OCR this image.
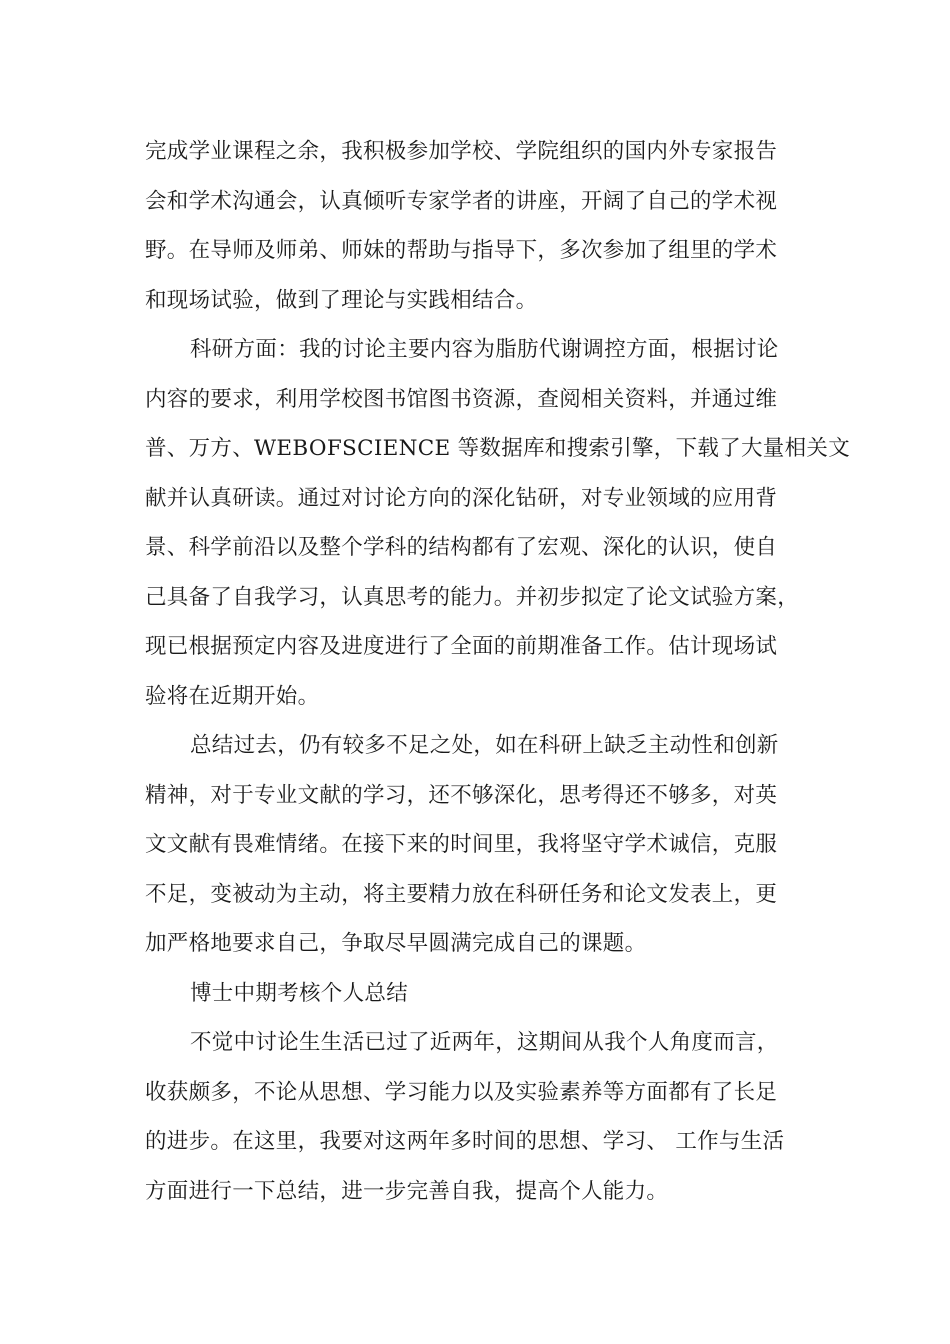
完成学业课程之余，我积极参加学校、学院组织的国内外专家报告
会和学术沟通会，认真倾听专家学者的讲座，开阔了自己的学术视
野。在导师及师弟、师妹的帮助与指导下，多次参加了组里的学术
和现场试验，做到了理论与实践相结合。
科研方面：我的讨论主要内容为脂肪代谢调控方面，根据讨论
内容的要求，利用学校图书馆图书资源，查阅相关资料，并通过维
普、万方、WEBOFSCIENCE 等数据库和搜索引擎，下载了大量相关文
献并认真研读。通过对讨论方向的深化钻研，对专业领域的应用背
景、科学前沿以及整个学科的结构都有了宏观、深化的认识，使自
己具备了自我学习，认真思考的能力。并初步拟定了论文试验方案，
现已根据预定内容及进度进行了全面的前期准备工作。估计现场试
验将在近期开始。
总结过去，仍有较多不足之处，如在科研上缺乏主动性和创新
精神，对于专业文献的学习，还不够深化，思考得还不够多，对英
文文献有畏难情绪。在接下来的时间里，我将坚守学术诚信，克服
不足，变被动为主动，将主要精力放在科研任务和论文发表上，更
加严格地要求自己，争取尽早圆满完成自己的课题。
博士中期考核个人总结
不觉中讨论生生活已过了近两年，这期间从我个人角度而言，
收获颇多，不论从思想、学习能力以及实验素养等方面都有了长足
的进步。在这里，我要对这两年多时间的思想、学习、 工作与生活
方面进行一下总结，进一步完善自我，提高个人能力。
